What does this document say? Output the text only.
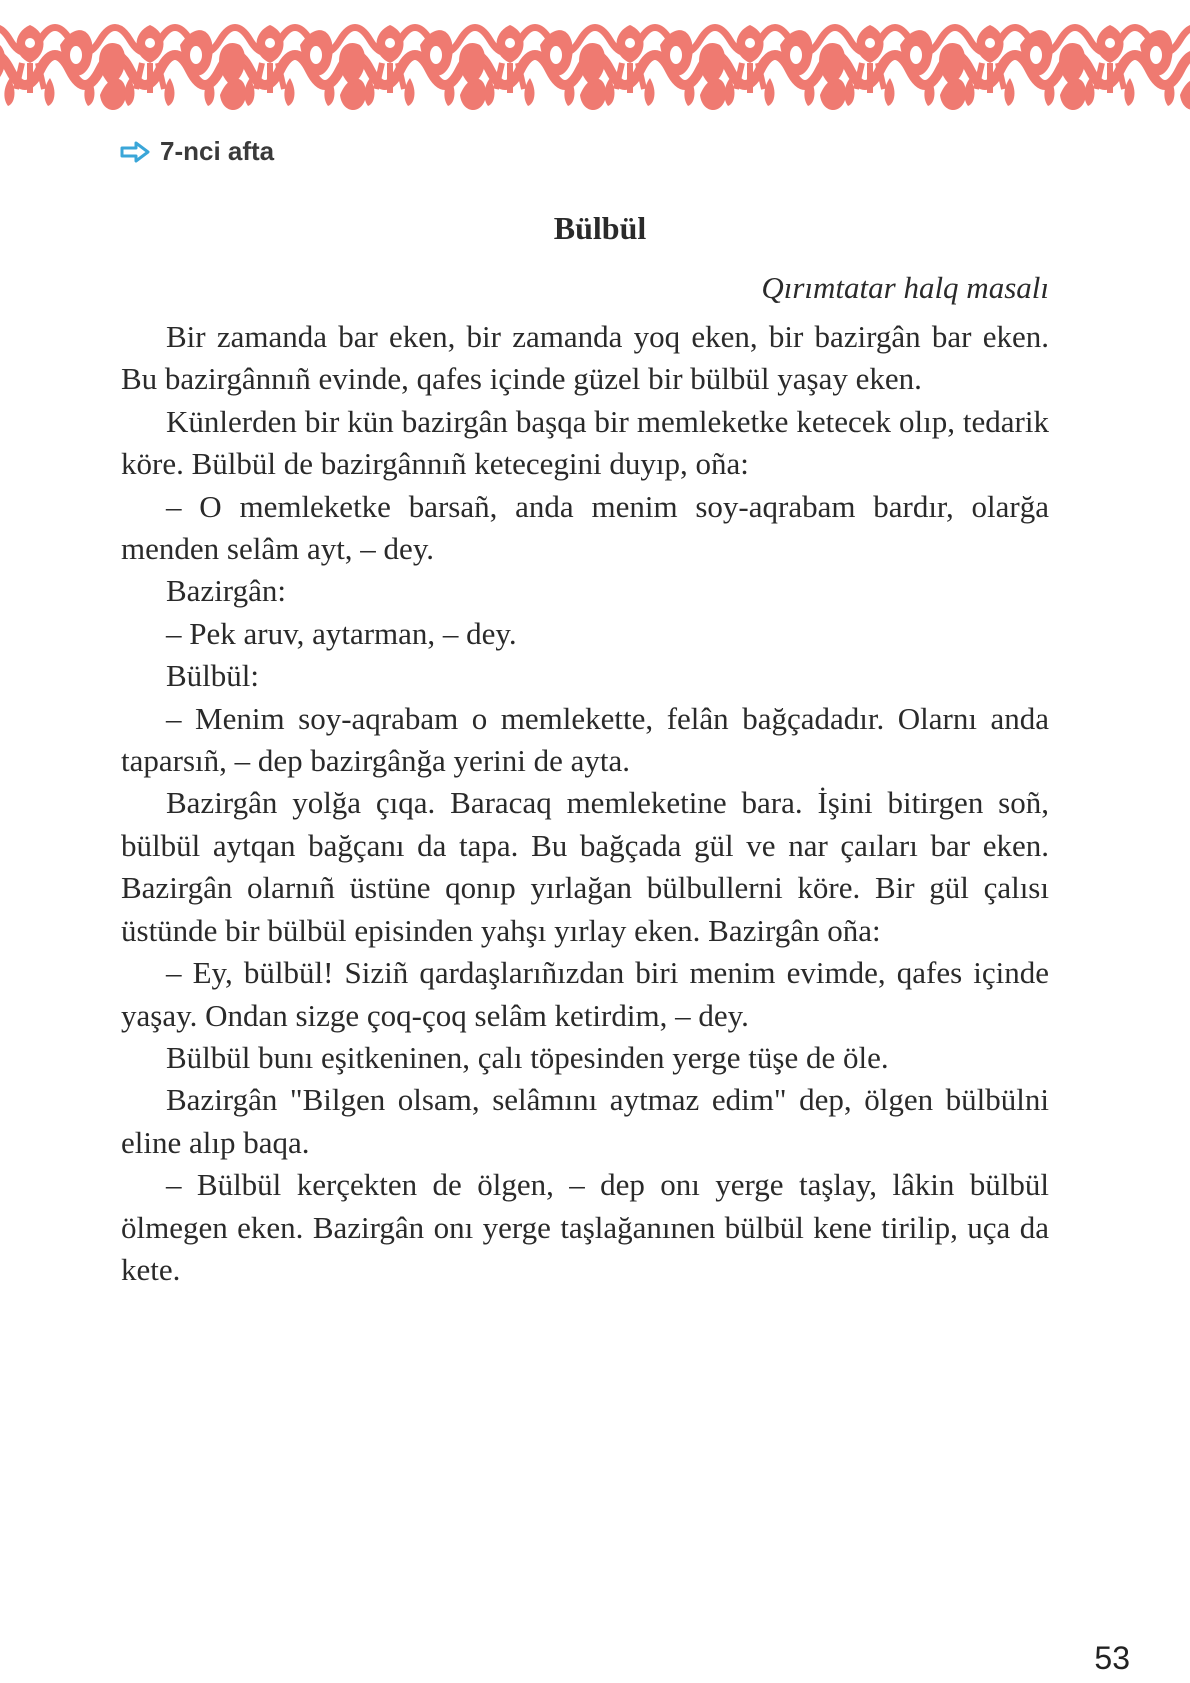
7-nci afta
Bülbül
Qırımtatar halq masalı

Bir zamanda bar eken, bir zamanda yoq eken, bir bazirgân bar eken. Bu bazirgânnıñ evinde, qafes içinde güzel bir bülbül yaşay eken.

Künlerden bir kün bazirgân başqa bir memleketke ketecek olıp, tedarik köre. Bülbül de bazirgânnıñ ketecegini duyıp, oña:

– O memleketke barsañ, anda menim soy-aqrabam bardır, olarğa menden selâm ayt, – dey.

Bazirgân:

– Pek aruv, aytarman, – dey.

Bülbül:

– Menim soy-aqrabam o memlekette, felân bağçadadır. Olarnı anda taparsıñ, – dep bazirgânğa yerini de ayta.

Bazirgân yolğa çıqa. Baracaq memleketine bara. İşini bitirgen soñ, bülbül aytqan bağçanı da tapa. Bu bağçada gül ve nar çaıları bar eken. Bazirgân olarnıñ üstüne qonıp yırlağan bülbullerni köre. Bir gül çalısı üstünde bir bülbül episinden yahşı yırlay eken. Bazirgân oña:

– Ey, bülbül! Siziñ qardaşlarıñızdan biri menim evimde, qafes içinde yaşay. Ondan sizge çoq-çoq selâm ketirdim, – dey.

Bülbül bunı eşitkeninen, çalı töpesinden yerge tüşe de öle.

Bazirgân "Bilgen olsam, selâmını aytmaz edim" dep, ölgen bülbülni eline alıp baqa.

– Bülbül kerçekten de ölgen, – dep onı yerge taşlay, lâkin bülbül ölmegen eken. Bazirgân onı yerge taşlağanınen bülbül kene tirilip, uça da kete.

53
